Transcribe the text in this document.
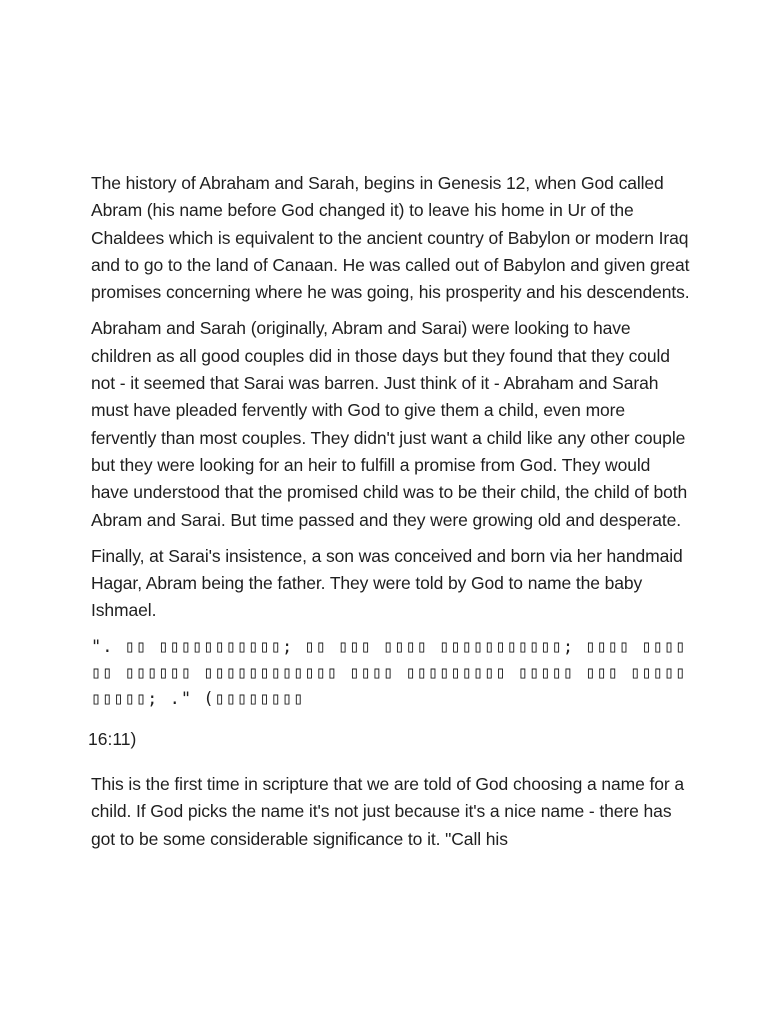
The history of Abraham and Sarah, begins in Genesis 12, when God called Abram (his name before God changed it) to leave his home in Ur of the Chaldees which is equivalent to the ancient country of Babylon or modern Iraq and to go to the land of Canaan. He was called out of Babylon and given great promises concerning where he was going, his prosperity and his descendents.

Abraham and Sarah (originally, Abram and Sarai) were looking to have children as all good couples did in those days but they found that they could not - it seemed that Sarai was barren. Just think of it - Abraham and Sarah must have pleaded fervently with God to give them a child, even more fervently than most couples. They didn't just want a child like any other couple but they were looking for an heir to fulfill a promise from God. They would have understood that the promised child was to be their child, the child of both Abram and Sarai. But time passed and they were growing old and desperate.

Finally, at Sarai's insistence, a son was conceived and born via her handmaid Hagar, Abram being the father. They were told by God to name the baby Ishmael.

". ▯▯ ▯▯▯▯▯▯▯▯▯▯▯; ▯▯ ▯▯▯ ▯▯▯▯ ▯▯▯▯▯▯▯▯▯▯▯; ▯▯▯▯ ▯▯▯▯▯▯ ▯▯▯▯▯▯ ▯▯▯▯▯▯▯▯▯▯▯▯ ▯▯▯▯ ▯▯▯▯▯▯▯▯▯ ▯▯▯▯▯ ▯▯▯ ▯▯▯▯▯▯▯▯▯▯; ." (▯▯▯▯▯▯▯▯

16:11)

This is the first time in scripture that we are told of God choosing a name for a child. If God picks the name it's not just because it's a nice name - there has got to be some considerable significance to it. "Call his
